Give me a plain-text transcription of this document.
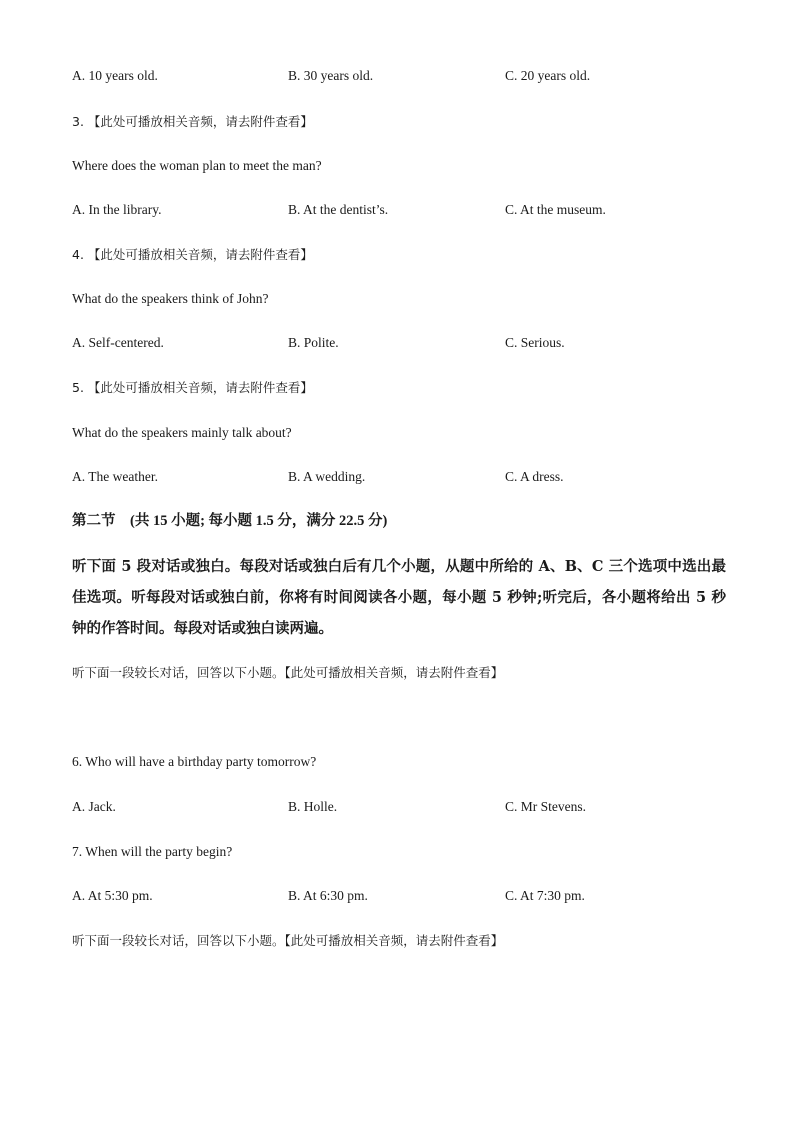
A. 10 years old.	B. 30 years old.	C. 20 years old.
3. 【此处可播放相关音频，请去附件查看】
Where does the woman plan to meet the man?
A. In the library.	B. At the dentist’s.	C. At the museum.
4. 【此处可播放相关音频，请去附件查看】
What do the speakers think of John?
A. Self-centered.	B. Polite.	C. Serious.
5. 【此处可播放相关音频，请去附件查看】
What do the speakers mainly talk about?
A. The weather.	B. A wedding.	C. A dress.
第二节　(共 15 小题; 每小题 1.5 分，满分 22.5 分)
听下面 5 段对话或独白。每段对话或独白后有几个小题，从题中所给的 A、B、C 三个选项中选出最佳选项。听每段对话或独白前，你将有时间阅读各小题，每小题 5 秒钟;听完后，各小题将给出 5 秒钟的作答时间。每段对话或独白读两遍。
听下面一段较长对话，回答以下小题。【此处可播放相关音频，请去附件查看】
6. Who will have a birthday party tomorrow?
A. Jack.	B. Holle.	C. Mr Stevens.
7. When will the party begin?
A. At 5:30 pm.	B. At 6:30 pm.	C. At 7:30 pm.
听下面一段较长对话，回答以下小题。【此处可播放相关音频，请去附件查看】
